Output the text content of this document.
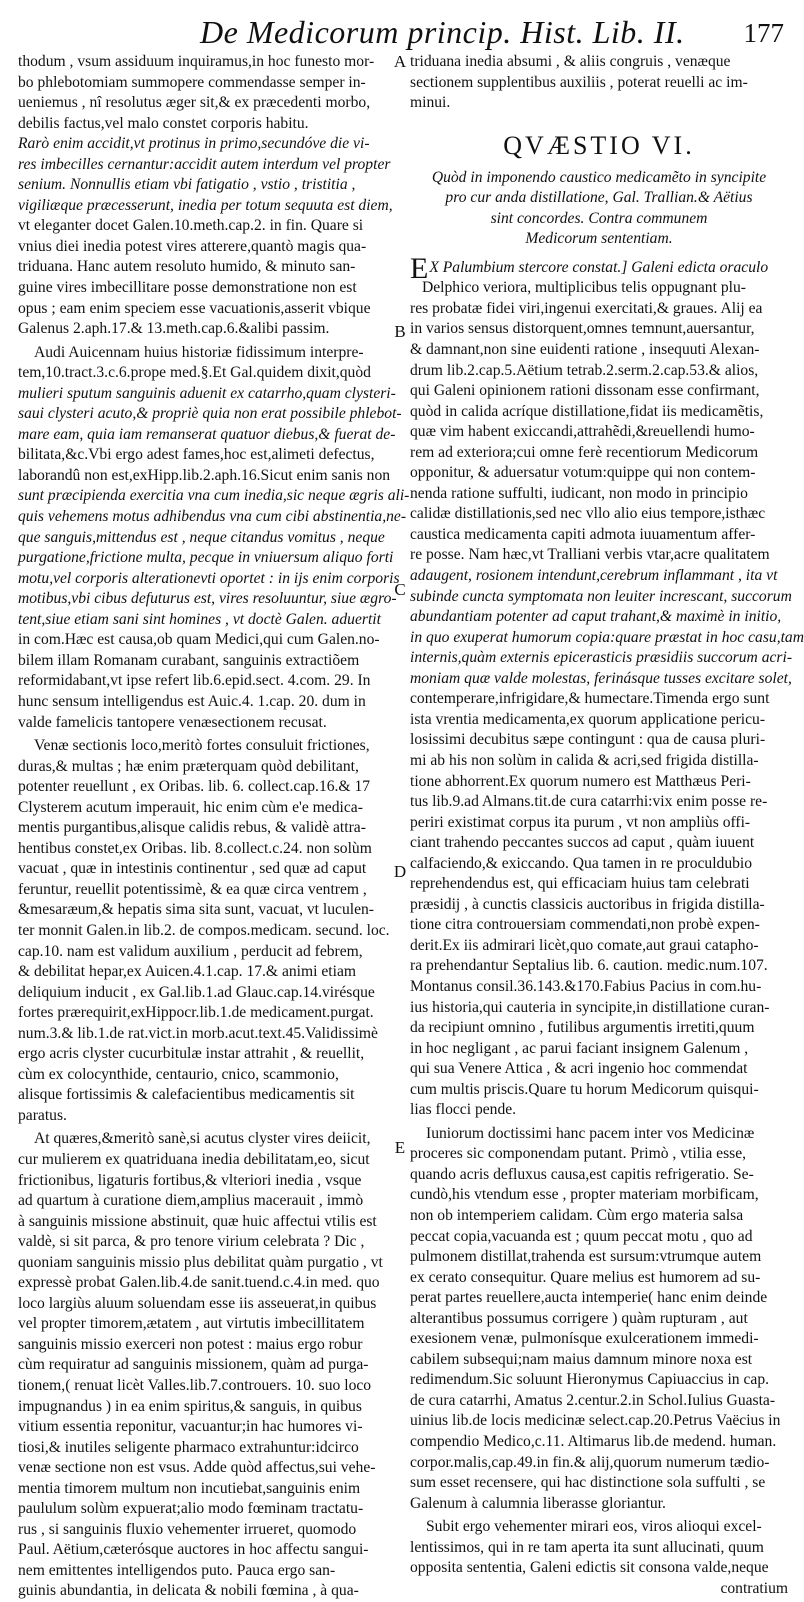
De Medicorum princip. Hist. Lib. II. 177
thodum , vsum assiduum inquiramus,in hoc funesto mor-
bo phlebotomiam summopere commendasse semper in-
ueniemus , nî resolutus æger sit,& ex præcedenti morbo,
debilis factus,vel malo constet corporis habitu.
Rarò enim accidit,vt protinus in primo,secundóve die vi-
res imbecilles cernantur:accidit autem interdum vel propter
senium. Nonnullis etiam vbi fatigatio , vstio , tristitia ,
vigiliæque præcesserunt, inedia per totum sequuta est diem,
vt eleganter docet Galen.10.meth.cap.2. in fin. Quare si
vnius diei inedia potest vires atterere,quantò magis qua-
triduana. Hanc autem resoluto humido, & minuto san-
guine vires imbecillitare posse demonstratione non est
opus ; eam enim speciem esse vacuationis,asserit vbique
Galenus 2.aph.17.& 13.meth.cap.6.&alibi passim.
Audi Auicennam huius historiæ fidissimum interpre-
tem,10.tract.3.c.6.prope med.§.Et Gal.quidem dixit,quòd
mulieri sputum sanguinis aduenit ex catarrho,quam clysteri-
saui clysteri acuto,& propriè quia non erat possibile phlebot-
mare eam, quia iam remanserat quatuor diebus,& fuerat de-
bilitata,&c.Vbi ergo adest fames,hoc est,alimeti defectus,
laborandû non est,exHipp.lib.2.aph.16.Sicut enim sanis non
sunt præcipienda exercitia vna cum inedia,sic neque ægris ali-
quis vehemens motus adhibendus vna cum cibi abstinentia,ne-
que sanguis,mittendus est , neque citandus vomitus , neque
purgatione,frictione multa, pecque in vniuersum aliquo forti
motu,vel corporis alterationevti oportet : in ijs enim corporis
motibus,vbi cibus defuturus est, vires resoluuntur, siue ægro-
tent,siue etiam sani sint homines , vt doctè Galen. aduertit
in com.Hæc est causa,ob quam Medici,qui cum Galen.no-
bilem illam Romanam curabant, sanguinis extractiõem
reformidabant,vt ipse refert lib.6.epid.sect. 4.com. 29. In
hunc sensum intelligendus est Auic.4. 1.cap. 20. dum in
valde famelicis tantopere venæsectionem recusat.
Venæ sectionis loco,meritò fortes consuluit frictiones,
duras,& multas ; hæ enim præterquam quòd debilitant,
potenter reuellunt , ex Oribas. lib. 6. collect.cap.16.& 17
Clysterem acutum imperauit, hic enim cùm e'e medica-
mentis purgantibus,alisque calidis rebus, & validè attra-
hentibus constet,ex Oribas. lib. 8.collect.c.24. non solùm
vacuat , quæ in intestinis continentur , sed quæ ad caput
feruntur, reuellit potentissimè, & ea quæ circa ventrem ,
&mesaræum,& hepatis sima sita sunt, vacuat, vt luculen-
ter monnit Galen.in lib.2. de compos.medicam. secund. loc.
cap.10. nam est validum auxilium , perducit ad febrem,
& debilitat hepar,ex Auicen.4.1.cap. 17.& animi etiam
deliquium inducit , ex Gal.lib.1.ad Glauc.cap.14.virésque
fortes prærequirit,exHippocr.lib.1.de medicament.purgat.
num.3.& lib.1.de rat.vict.in morb.acut.text.45.Validissimè
ergo acris clyster cucurbitulæ instar attrahit , & reuellit,
cùm ex colocynthide, centaurio, cnico, scammonio,
alisque fortissimis & calefacientibus medicamentis sit
paratus.
At quæres,&meritò sanè,si acutus clyster vires deiicit,
cur mulierem ex quatriduana inedia debilitatam,eo, sicut
frictionibus, ligaturis fortibus,& vlteriori inedia , vsque
ad quartum à curatione diem,amplius macerauit , immò
à sanguinis missione abstinuit, quæ huic affectui vtilis est
valdè, si sit parca, & pro tenore virium celebrata ? Dic ,
quoniam sanguinis missio plus debilitat quàm purgatio , vt
expressè probat Galen.lib.4.de sanit.tuend.c.4.in med. quo
loco largiùs aluum soluendam esse iis asseuerat,in quibus
vel propter timorem,ætatem , aut virtutis imbecillitatem
sanguinis missio exerceri non potest : maius ergo robur
cùm requiratur ad sanguinis missionem, quàm ad purga-
tionem,( renuat licèt Valles.lib.7.controuers. 10. suo loco
impugnandus ) in ea enim spiritus,& sanguis, in quibus
vitium essentia reponitur, vacuantur;in hac humores vi-
tiosi,& inutiles seligente pharmaco extrahuntur:idcirco
venæ sectione non est vsus. Adde quòd affectus,sui vehe-
mentia timorem multum non incutiebat,sanguinis enim
paululum solùm expuerat;alio modo fœminam tractatu-
rus , si sanguinis fluxio vehementer irrueret, quomodo
Paul. Aëtium,cæterósque auctores in hoc affectu sangui-
nem emittentes intelligendos puto. Pauca ergo san-
guinis abundantia, in delicata & nobili fœmina , à qua-
triduana inedia absumi , & aliis congruis , venæque
sectionem supplentibus auxiliis , poterat reuelli ac im-
minui.
QVÆSTIO VI.
Quòd in imponendo caustico medicamẽto in syncipite
pro cur anda distillatione, Gal. Trallian.& Aëtius
sint concordes. Contra communem
Medicorum sententiam.
EX Palumbium stercore constat.] Galeni edicta oraculo
Delphico veriora, multiplicibus telis oppugnant plu-
res probatæ fidei viri,ingenui exercitati,& graues. Alij ea
in varios sensus distorquent,omnes temnunt,auersantur,
& damnant,non sine euidenti ratione , insequuti Alexan-
drum lib.2.cap.5.Aëtium tetrab.2.serm.2.cap.53.& alios,
qui Galeni opinionem rationi dissonam esse confirmant,
quòd in calida acríque distillatione,fidat iis medicamẽtis,
quæ vim habent exiccandi,attrahẽdi,&reuellendi humo-
rem ad exteriora;cui omne ferè recentiorum Medicorum
opponitur, & aduersatur votum:quippe qui non contem-
nenda ratione suffulti, iudicant, non modo in principio
calidæ distillationis,sed nec vllo alio eius tempore,isthæc
caustica medicamenta capiti admota iuuamentum affer-
re posse. Nam hæc,vt Tralliani verbis vtar,acre qualitatem
adaugent, rosionem intendunt,cerebrum inflammant , ita vt
subinde cuncta symptomata non leuiter increscant, succorum
abundantiam potenter ad caput trahant,& maximè in initio,
in quo exuperat humorum copia:quare præstat in hoc casu,tam
internis,quàm externis epicerasticis præsidiis succorum acri-
moniam quæ valde molestas, ferinásque tusses excitare solet,
contemperare,infrigidare,& humectare.Timenda ergo sunt
ista vrentia medicamenta,ex quorum applicatione pericu-
losissimi decubitus sæpe contingunt : qua de causa pluri-
mi ab his non solùm in calida & acri,sed frigida distilla-
tione abhorrent.Ex quorum numero est Matthæus Peri-
tus lib.9.ad Almans.tit.de cura catarrhi:vix enim posse re-
periri existimat corpus ita purum , vt non ampliùs offi-
ciant trahendo peccantes succos ad caput , quàm iuuent
calfaciendo,& exiccando. Qua tamen in re proculdubio
reprehendendus est, qui efficaciam huius tam celebrati
præsidij , à cunctis classicis auctoribus in frigida distilla-
tione citra controuersiam commendati,non probè expen-
derit.Ex iis admirari licèt,quo comate,aut graui catapho-
ra prehendantur Septalius lib. 6. caution. medic.num.107.
Montanus consil.36.143.&170.Fabius Pacius in com.hu-
ius historia,qui cauteria in syncipite,in distillatione curan-
da recipiunt omnino , futilibus argumentis irretiti,quum
in hoc negligant , ac parui faciant insignem Galenum ,
qui sua Venere Attica , & acri ingenio hoc commendat
cum multis priscis.Quare tu horum Medicorum quisqui-
lias flocci pende.
Iuniorum doctissimi hanc pacem inter vos Medicinæ
proceres sic componendam putant. Primò , vtilia esse,
quando acris defluxus causa,est capitis refrigeratio. Se-
cundò,his vtendum esse , propter materiam morbificam,
non ob intemperiem calidam. Cùm ergo materia salsa
peccat copia,vacuanda est ; quum peccat motu , quo ad
pulmonem distillat,trahenda est sursum:vtrumque autem
ex cerato consequitur. Quare melius est humorem ad su-
perat partes reuellere,aucta intemperie( hanc enim deinde
alterantibus possumus corrigere ) quàm rupturam , aut
exesionem venæ, pulmonísque exulcerationem immedi-
cabilem subsequi;nam maius damnum minore noxa est
redimendum.Sic soluunt Hieronymus Capiuaccius in cap.
de cura catarrhi, Amatus 2.centur.2.in Schol.Iulius Guasta-
uinius lib.de locis medicinæ select.cap.20.Petrus Vaëcius in
compendio Medico,c.11. Altimarus lib.de medend. human.
corpor.malis,cap.49.in fin.& alij,quorum numerum tædio-
sum esset recensere, qui hac distinctione sola suffulti , se
Galenum à calumnia liberasse gloriantur.
Subit ergo vehementer mirari eos, viros alioqui excel-
lentissimos, qui in re tam aperta ita sunt allucinati, quum
opposita sententia, Galeni edictis sit consona valde,neque
contratium
A
B
C
D
E
